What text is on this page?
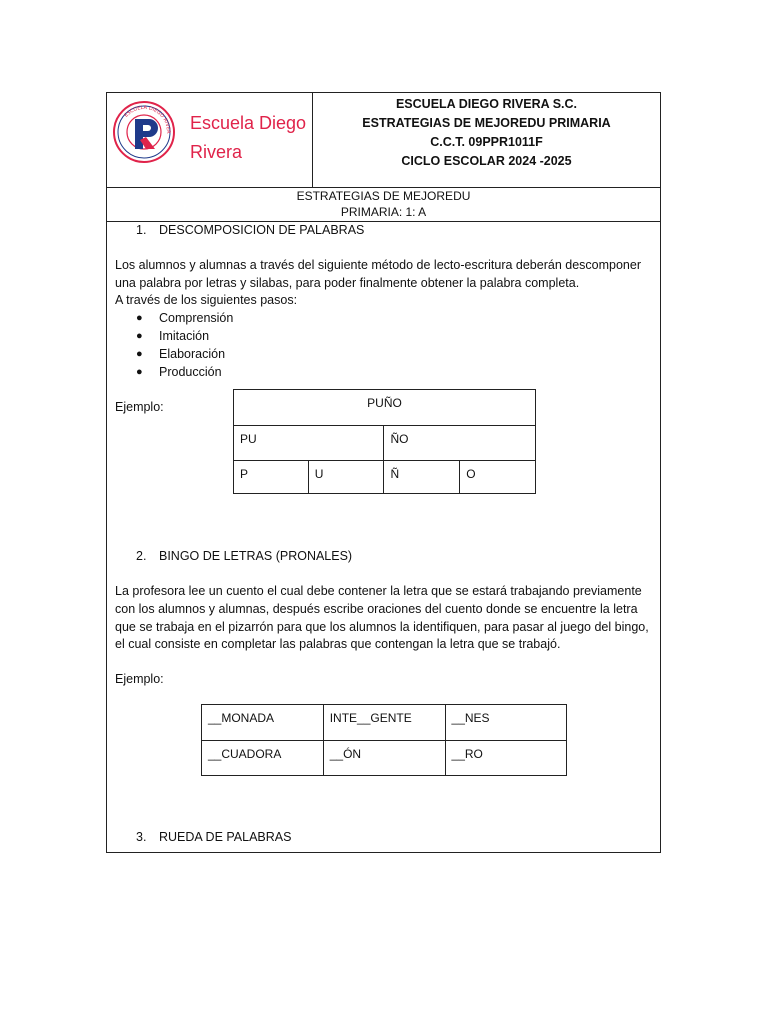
ESCUELA DIEGO RIVER
R
Escuela Diego
Rivera
ESCUELA DIEGO RIVERA S.C.
ESTRATEGIAS DE MEJOREDU PRIMARIA
C.C.T. 09PPR1011F
CICLO ESCOLAR 2024 -2025
ESTRATEGIAS DE MEJOREDU
PRIMARIA: 1: A
1. DESCOMPOSICION DE PALABRAS
Los alumnos y alumnas a través del siguiente método de lecto-escritura deberán descomponer
una palabra por letras y silabas, para poder finalmente obtener la palabra completa.
A través de los siguientes pasos:
● Comprensión
● Imitación
● Elaboración
● Producción
Ejemplo:	PUÑO			
PU		ÑO	
P	U	Ñ	O
2. BINGO DE LETRAS (PRONALES)
La profesora lee un cuento el cual debe contener la letra que se estará trabajando previamente
con los alumnos y alumnas, después escribe oraciones del cuento donde se encuentre la letra
que se trabaja en el pizarrón para que los alumnos la identifiquen, para pasar al juego del bingo,
el cual consiste en completar las palabras que contengan la letra que se trabajó.
Ejemplo:
__MONADA	INTE__GENTE	__NES
__CUADORA	__ÓN	__RO
3. RUEDA DE PALABRAS
